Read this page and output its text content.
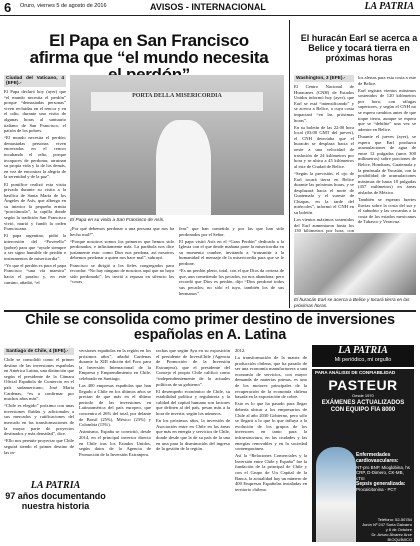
6 Oruro, viernes 5 de agosto de 2016	AVISOS - INTERNACIONAL	LA PATRIA
El Papa en San Francisco afirma que “el mundo necesita
Ciudad del Vaticano, 4 (EFE).-

El Papa declaró hoy (ayer) que “el mundo necesita el perdón” porque “demasiadas personas” viven recluidas en el rencor y en el odio, durante una visita de algunas horas al santuario italiano de San Francisco, el patrón de los pobres.

“El mundo necesita el perdón; demasiadas personas viven encerradas en el rencor incubando el odio, porque incapaces de perdonar, arruinan su propia vida y la de los demás, en vez de encontrar la alegría de la serenidad y de la paz”.

El pontífice realizó esta visita privada durante su visita a la basílica de Santa María de los Ángeles de Asís, que alberga en su interior la pequeña ermita “porciúncula”, la capilla donde según la tradición San Francisco vivió, murió y fundó la orden Franciscana.

El papa argentino, pidió la intercesión del “Poverello” (pobre) para que “ayude siempre a ser signo humilde de perdón e instrumentos de misericordia”.

“Yo que el perdón es para el papa Francisco “una vía maestra” hacia el paraíso y, en este camino, añadió, “el

PORTA DELLA MISERICORDIA
El Papa en su visita a San Francisco de Asís.

¿Por qué debemos perdonar a una persona que nos ha hecho mal?”.

“Porque nosotros somos los primeros que hemos sido perdonados, e infinitamente más. La parábola nos dice justamente esto: como Dios nos perdona, así nosotros debemos perdonar a quien nos hace mal”, subrayó.

Francisco se dirigió a los fieles congregados para recordar: “No hay ninguno de nosotros aquí que no haya sido perdonado”, les invitó a repasar en silencio las “cosas

feas” que han cometido y por las que han sido perdonados por el Señor.

El papa visitó Asís en el “Gran Perdón” dedicado a la Iglesia con el que desde mañana pone la misericordia en su momento cumbre, invitando a “transmitir a la humanidad el mensaje de la misericordia para que se le perdone.

“Es un perdón pleno, total, con el que Dios da certeza de que, aun cometiendo los pecados, no nos abandona; pero recordó que Dios es perdón, dijo “Dios perdonó todos sus pecados; no sólo el tuyo, también los de sus hermanos”.

El huracán Earl se acerca a Belice y tocará tierra en próximas horas
Washington, 3 (EFE).-

El Centro Nacional de Huracanes (CNH) de Estados Unidos informó hoy (ayer), que Earl se está “intensificando” y se acerca a Belice, a cuya costa impactará “en las próximas horas”.

En su boletín de las 22:00 hora local (03:00 GMT del jueves), el CNH detectaba que el huracán se desplaza hacia el oeste a una velocidad de traslación de 24 kilómetros por hora y se ubica a 45 kilómetros al este de Ciudad de Belice.

“Según la previsión, el ojo de Earl tocará tierra en Belice durante las próximas horas, y se desplazará hacia el norte de Guatemala y el sureste de Chiapas, en la tarde del miércoles”, informó el CNH en su boletín.

Los vientos máximos sostenidos del Earl aumentaron hasta los 130 kilómetros por hora, con

los alertas para esta costa a este de Belice.

Earl registra vientos máximos sostenidos de 120 kilómetros por hora, con ráfagas superiores, y según el CNH no se espera cambios antes de que toque tierra, aunque se espera que se “debilite” una vez se adentre en Belice.

Durante el jueves (ayer), se espera que Earl produzca acumulaciones de agua de entre 12 pulgadas (unos 300 milímetros) sobre porciones de Belice, Honduras, Guatemala y la península de Yucatán, con la posibilidad de acumulaciones máximas de hasta 18 pulgadas (457 milímetros) en áreas aisladas de México.

También se esperan fuertes lluvias sobre la costa del sur y el suburbio y las cercanías a la costa de los estados mexicanos de Tabasco y Veracruz.

El huracán Earl se acerca a Belice y tocará tierra en las próximas horas.
Chile se consolida como primer destino de inversiones españolas en A. Latina
Santiago de Chile, 4 (EFE).-

Chile se consolidó como el primer destino de las inversiones españolas en América Latina, una distinción que según el presidente de la Cámara Oficial Española de Comercio en el país sudamericano, José María Cardenas, “es a confirmar por muchos años más”.

“Chile es elegido” próximo con unas inversiones fluidas y adicionales a sus mercados y ratificaciones del mercado en las transformaciones de la mayor parte de proyectos destinados y más densidad”, dice.

“Ello nos permite proyectar que Chile seguirá siendo el primer destino de las in-

versiones españolas en la región en los próximos años”, añadió Cardenas durante la XIII edición del Foro para la Inversión Internacional de la Empresa y Emprendimiento en Chile, celebrado en Santiago.

Las 400 empresas españolas que han llegado a Chile en los últimos años se precian de que más en el último periodo de las inversiones en Latinoamérica del país europeo, que concentra el 26% del total, por delante de Brasil (25%), México (23%) y Colombia (15%).

Asimismo, España se convirtió, desde 2014, en el principal inversor directo en Chile tras los Estados Unidos, según datos de la Agencia de Promoción de la Inversión Extranjera.

rachas que según Ayu en su exposición el presidente de InvestChile (Agencia de Promoción de la Inversión Extranjera), que el presidente del Consejo el propio Chile calificó como “independientemente de la actuales políticas de su gobierno”.

El desempeño económico de Chile, su estabilidad política y regulatoria y la calidad del capital humano son factores que definen al del país, pesan más a la hora de invertir, según los números.

En los próximos años, la inversión de Asociación entre en Chile en las áreas que más en energía y servicios de Chile, donde desde que la de su país de la una en una para la disminución del ingreso de la gestión de la región.

2012.

La transformación de la matriz de producción chilena, que ha pasado de ser una economía manufacturera a una economía de servicios, con mayor demanda de materias primas, es uno de los motores principales de la recuperación de la economía chilena basada en la exportación de cobre.

Esto es lo que ha pasado para llegar debería ubicar a los empresarios de Chile al año 2030 Gobierno, pero sólo se llegará a lo que lo que influya a la evolución de los grupos de los inversores en tanto para la infraestructura, en las ciudades y las energías renovables y en la sociedad contemporánea.

Así la “Relaciones Comerciales y la Inversión entre Chile y España” fue la fundación de la principal de Chile y con el Grupo de Un Capital de la Banca, la actualidad hay un número de 400 Empresas Españolas instaladas en territorio chileno.

LA PATRIA
97 años documentando nuestra historia
LA PATRIA
Mi periódico, mi orgullo
PARA ANÁLISIS DE CONFIABILIDAD
PASTEUR
Desde 1970
EXÁMENES ACTUALIZADOS CON EQUIPO FIA 8000
Enfermedades cardiovasculares:
NT-pro BNP, Mioglobina, hs CRP, D-Dimero, CK-MB, cTnI
Sepsis generalizada:
Procalcitonina - PCT
Teléfono: 52-50784
Junín Nº 247 Soria Galvarro y 6 de Octubre
Dr. Arturo Álvarez Arce
BIOQUÍMICO
